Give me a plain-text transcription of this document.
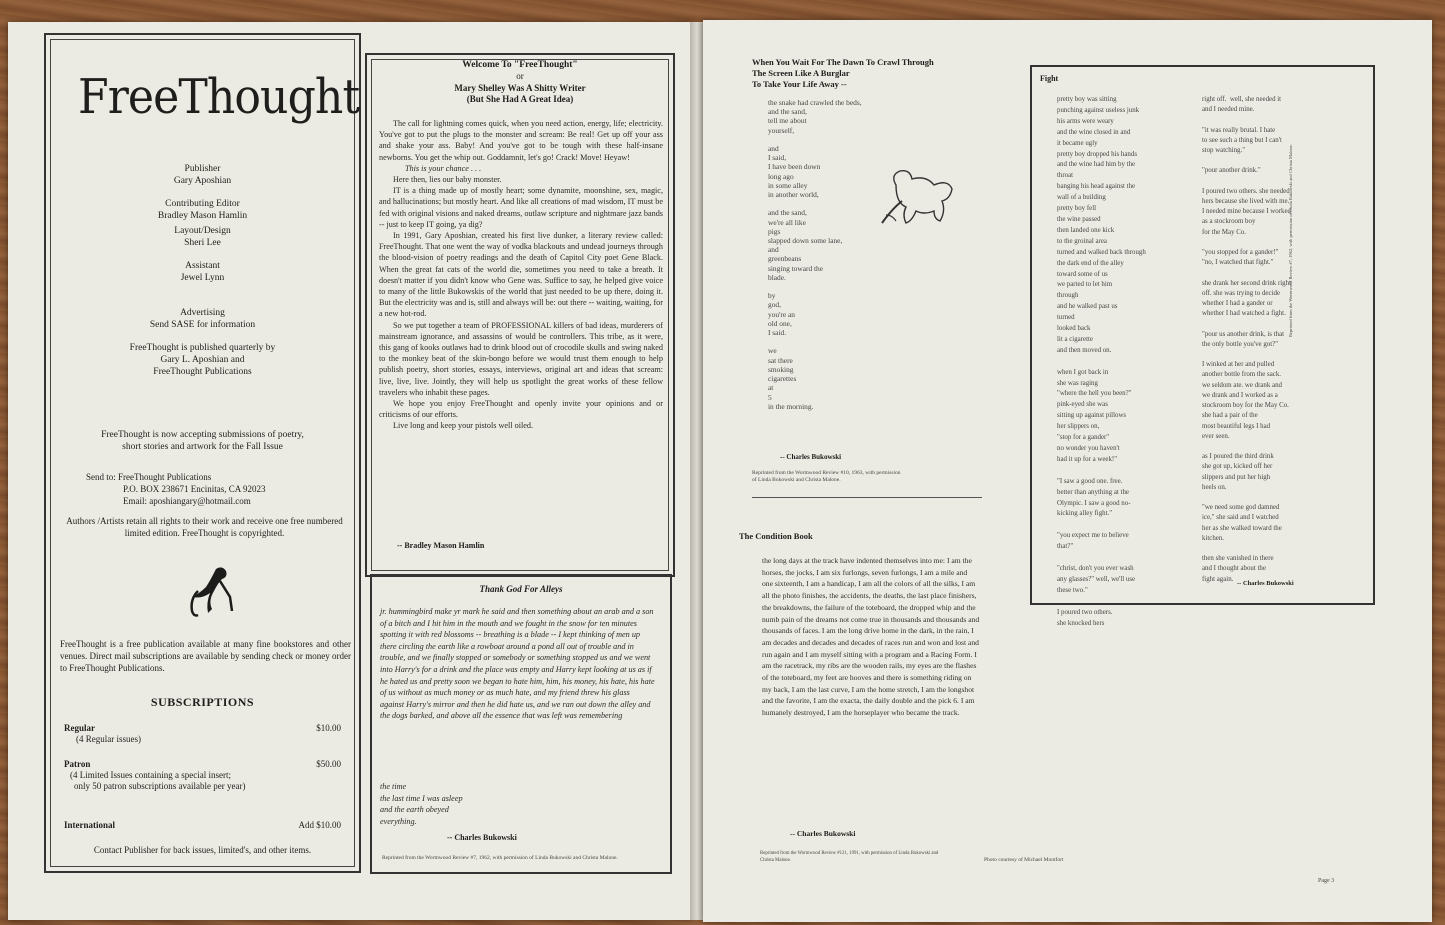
FreeThought
Publisher
Gary Aposhian
Contributing Editor
Bradley Mason Hamlin
Layout/Design
Sheri Lee
Assistant
Jewel Lynn
Advertising
Send SASE for information
FreeThought is published quarterly by
Gary L. Aposhian and
FreeThought Publications
FreeThought is now accepting submissions of poetry,
short stories and artwork for the Fall Issue
Send to: FreeThought Publications
P.O. BOX 238671 Encinitas, CA 92023
Email: aposhiangary@hotmail.com
Authors /Artists retain all rights to their work and receive one free numbered limited edition. FreeThought is copyrighted.
FreeThought is a free publication available at many fine bookstores and other venues. Direct mail subscriptions are available by sending check or money order to FreeThought Publications.
SUBSCRIPTIONS
Regular	$10.00
(4 Regular issues)
Patron	$50.00
(4 Limited Issues containing a special insert;
only 50 patron subscriptions available per year)
International	Add $10.00
Contact Publisher for back issues, limited's, and other items.
Welcome To "FreeThought"
or
Mary Shelley Was A Shitty Writer
(But She Had A Great Idea)
The call for lightning comes quick, when you need action, energy, life; electricity. You've got to put the plugs to the monster and scream: Be real! Get up off your ass and shake your ass. Baby! And you've got to be tough with these half-insane newborns. You get the whip out. Goddamnit, let's go! Crack! Move! Heyaw!
This is your chance . . .
Here then, lies our baby monster.
IT is a thing made up of mostly heart; some dynamite, moonshine, sex, magic, and hallucinations; but mostly heart. And like all creations of mad wisdom, IT must be fed with original visions and naked dreams, outlaw scripture and nightmare jazz bands -- just to keep IT going, ya dig?
In 1991, Gary Aposhian, created his first live dunker, a literary review called: FreeThought. That one went the way of vodka blackouts and undead journeys through the blood-vision of poetry readings and the death of Capitol City poet Gene Black. When the great fat cats of the world die, sometimes you need to take a breath. It doesn't matter if you didn't know who Gene was. Suffice to say, he helped give voice to many of the little Bukowskis of the world that just needed to be up there, doing it. But the electricity was and is, still and always will be: out there -- waiting, waiting, for a new hot-rod.
So we put together a team of PROFESSIONAL killers of bad ideas, murderers of mainstream ignorance, and assassins of would be controllers. This tribe, as it were, this gang of kooks outlaws had to drink blood out of crocodile skulls and swing naked to the monkey beat of the skin-bongo before we would trust them enough to help publish poetry, short stories, essays, interviews, original art and ideas that scream: live, live, live. Jointly, they will help us spotlight the great works of these fellow travelers who inhabit these pages.
We hope you enjoy FreeThought and openly invite your opinions and or criticisms of our efforts.
Live long and keep your pistols well oiled.
-- Bradley Mason Hamlin
Thank God For Alleys
jr. hummingbird make yr mark he said and then something about an arab and a son of a bitch and I hit him in the mouth and we fought in the snow for ten minutes spotting it with red blossoms -- breathing is a blade -- I kept thinking of men up there circling the earth like a rowboat around a pond all out of trouble and in trouble, and we finally stopped or somebody or something stopped us and we went into Harry's for a drink and the place was empty and Harry kept looking at us as if he hated us and pretty soon we began to hate him, him, his money, his hate, his hate of us without as much money or as much hate, and my friend threw his glass against Harry's mirror and then he did hate us, and we ran out down the alley and the dogs barked, and above all the essence that was left was remembering
the time
the last time I was asleep
and the earth obeyed
everything.
-- Charles Bukowski
Reprinted from the Wormwood Review #7, 1962, with permission of Linda Bukowski and Christa Malone.
When You Wait For The Dawn To Crawl Through
The Screen Like A Burglar
To Take Your Life Away --
the snake had crawled the beds,
and the sand,
tell me about
yourself,

and
I said,
I have been down
long ago
in some alley
in another world,

and the sand,
we're all like
pigs
slapped down some lane,
and
greenbeans
singing toward the
blade.

by
god,
you're an
old one,
I said.

we
sat there
smoking
cigarettes
at
5
in the morning.
-- Charles Bukowski
Reprinted from the Wormwood Review #10, 1963, with permission of Linda Bukowski and Christa Malone.
Fight
pretty boy was sitting
punching against useless junk
his arms were weary
and the wine closed in and
it became ugly
pretty boy dropped his hands
and the wine had him by the
throat
banging his head against the
wall of a building
pretty boy fell
the wine passed
then landed one kick
to the groinal area
turned and walked back through
the dark end of the alley
toward some of us
we parted to let him
through
and he walked past us
turned
looked back
lit a cigarette
and then moved on.

when I got back in
she was raging
"where the hell you been?"
pink-eyed she was
sitting up against pillows
her slippers on,
"stop for a gander"
no wonder you haven't
had it up for a week!"

"I saw a good one. free.
better than anything at the
Olympic. I saw a good no-
kicking alley fight."

"you expect me to believe
that?"

"christ, don't you ever wash
any glasses?" well, we'll use
these two."

I poured two others.
she knocked hers
right off.  well, she needed it
and I needed mine.

"it was really brutal. I hate
to see such a thing but I can't
stop watching."

"pour another drink."

I poured two others. she needed
hers because she lived with me.
I needed mine because I worked
as a stockroom boy
for the May Co.

"you stopped for a gander!"
"no, I watched that fight."

she drank her second drink right
off. she was trying to decide
whether I had a gander or
whether I had watched a fight.

"pour us another drink, is that
the only bottle you've got?"

I winked at her and pulled
another bottle from the sack.
we seldom ate. we drank and
we drank and I worked as a
stockroom boy for the May Co.
she had a pair of the
most beautiful legs I had
ever seen.

as I poured the third drink
she got up, kicked off her
slippers and put her high
heels on.

"we need some god damned
ice," she said and I watched
her as she walked toward the
kitchen.

then she vanished in there
and I thought about the
fight again.
-- Charles Bukowski
Reprinted from the Wormwood Review #7, 1962, with permission of Linda Bukowski and Christa Malone.
The Condition Book
the long days at the track have indented themselves into me: I am the horses, the jocks, I am six furlongs, seven furlongs, I am a mile and one sixteenth, I am a handicap, I am all the colors of all the silks, I am all the photo finishes, the accidents, the deaths, the last place finishers, the breakdowns, the failure of the toteboard, the dropped whip and the numb pain of the dreams not come true in thousands and thousands and thousands of faces. I am the long drive home in the dark, in the rain, I am decades and decades and decades of races run and won and lost and run again and I am myself sitting with a program and a Racing Form. I am the racetrack, my ribs are the wooden rails, my eyes are the flashes of the toteboard, my feet are hooves and there is something riding on my back, I am the last curve, I am the home stretch, I am the longshot and the favorite, I am the exacta, the daily double and the pick 6. I am humanely destroyed, I am the horseplayer who became the track.
-- Charles Bukowski
Reprinted from the Wormwood Review #121, 1991, with permission of Linda Bukowski and Christa Malone.	Photo courtesy of Michael Montfort
Page 3
